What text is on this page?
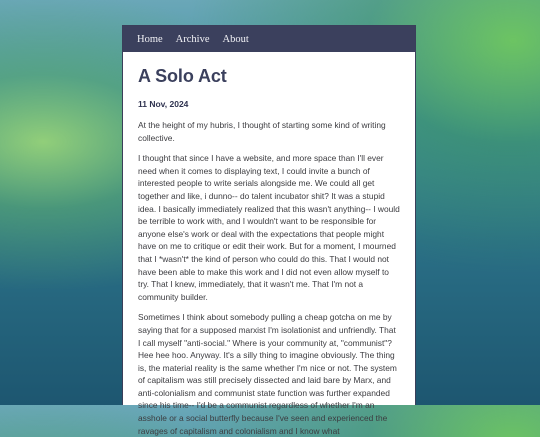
Home Archive About
A Solo Act
11 Nov, 2024

At the height of my hubris, I thought of starting some kind of writing collective.

I thought that since I have a website, and more space than I'll ever need when it comes to displaying text, I could invite a bunch of interested people to write serials alongside me. We could all get together and like, i dunno-- do talent incubator shit? It was a stupid idea. I basically immediately realized that this wasn't anything-- I would be terrible to work with, and I wouldn't want to be responsible for anyone else's work or deal with the expectations that people might have on me to critique or edit their work. But for a moment, I mourned that I *wasn't* the kind of person who could do this. That I would not have been able to make this work and I did not even allow myself to try. That I knew, immediately, that it wasn't me. That I'm not a community builder.

Sometimes I think about somebody pulling a cheap gotcha on me by saying that for a supposed marxist I'm isolationist and unfriendly. That I call myself "anti-social." Where is your community at, "communist"? Hee hee hoo. Anyway. It's a silly thing to imagine obviously. The thing is, the material reality is the same whether I'm nice or not. The system of capitalism was still precisely dissected and laid bare by Marx, and anti-colonialism and communist state function was further expanded since his time-- I'd be a communist regardless of whether I'm an asshole or a social butterfly because I've seen and experienced the ravages of capitalism and colonialism and I know what
